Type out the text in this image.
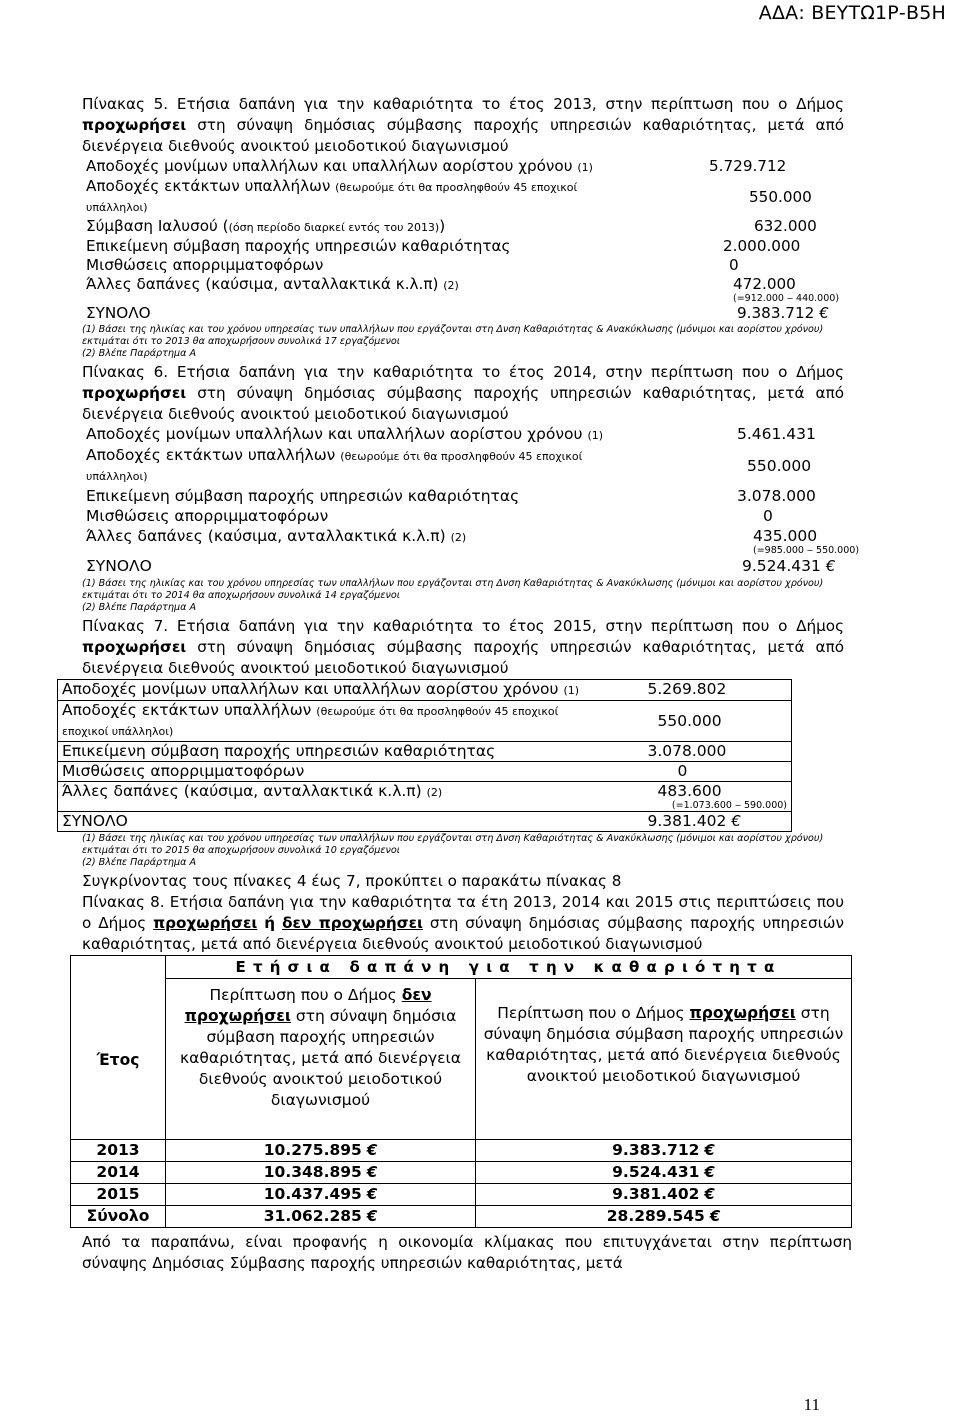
ΑΔΑ: ΒΕΥΤΩ1Ρ-Β5Η

Πίνακας 5. Ετήσια δαπάνη για την καθαριότητα το έτος 2013, στην περίπτωση που ο Δήμος προχωρήσει στη σύναψη δημόσιας σύμβασης παροχής υπηρεσιών καθαριότητας, μετά από διενέργεια διεθνούς ανοικτού μειοδοτικού διαγωνισμού

Αποδοχές μονίμων υπαλλήλων και υπαλλήλων αορίστου χρόνου (1)	5.729.712
Αποδοχές εκτάκτων υπαλλήλων (θεωρούμε ότι θα προσληφθούν 45 εποχικοί
υπάλληλοι)	550.000
Σύμβαση Ιαλυσού ((όση περίοδο διαρκεί εντός του 2013))	632.000
Επικείμενη σύμβαση παροχής υπηρεσιών καθαριότητας	2.000.000
Μισθώσεις απορριμματοφόρων	0
Άλλες δαπάνες (καύσιμα, ανταλλακτικά κ.λ.π) (2)	472.000
(=912.000 ‒ 440.000)

ΣΥΝΟΛΟ	9.383.712 €
(1) Βάσει της ηλικίας και του χρόνου υπηρεσίας των υπαλλήλων που εργάζονται στη Δνση Καθαριότητας & Ανακύκλωσης (μόνιμοι και αορίστου χρόνου) εκτιμάται ότι το 2013 θα αποχωρήσουν συνολικά 17 εργαζόμενοι
(2) Βλέπε Παράρτημα Α

Πίνακας 6. Ετήσια δαπάνη για την καθαριότητα το έτος 2014, στην περίπτωση που ο Δήμος προχωρήσει στη σύναψη δημόσιας σύμβασης παροχής υπηρεσιών καθαριότητας, μετά από διενέργεια διεθνούς ανοικτού μειοδοτικού διαγωνισμού

Αποδοχές μονίμων υπαλλήλων και υπαλλήλων αορίστου χρόνου (1)	5.461.431
Αποδοχές εκτάκτων υπαλλήλων (θεωρούμε ότι θα προσληφθούν 45 εποχικοί
υπάλληλοι)	550.000
Επικείμενη σύμβαση παροχής υπηρεσιών καθαριότητας	3.078.000
Μισθώσεις απορριμματοφόρων	0
Άλλες δαπάνες (καύσιμα, ανταλλακτικά κ.λ.π) (2)	435.000
(=985.000 ‒ 550.000)

ΣΥΝΟΛΟ	9.524.431 €
(1) Βάσει της ηλικίας και του χρόνου υπηρεσίας των υπαλλήλων που εργάζονται στη Δνση Καθαριότητας & Ανακύκλωσης (μόνιμοι και αορίστου χρόνου) εκτιμάται ότι το 2014 θα αποχωρήσουν συνολικά 14 εργαζόμενοι
(2) Βλέπε Παράρτημα Α

Πίνακας 7. Ετήσια δαπάνη για την καθαριότητα το έτος 2015, στην περίπτωση που ο Δήμος προχωρήσει στη σύναψη δημόσιας σύμβασης παροχής υπηρεσιών καθαριότητας, μετά από διενέργεια διεθνούς ανοικτού μειοδοτικού διαγωνισμού

Αποδοχές μονίμων υπαλλήλων και υπαλλήλων αορίστου χρόνου (1)	5.269.802
Αποδοχές εκτάκτων υπαλλήλων (θεωρούμε ότι θα προσληφθούν 45 εποχικοί
εποχικοί υπάλληλοι)	550.000
Επικείμενη σύμβαση παροχής υπηρεσιών καθαριότητας	3.078.000
Μισθώσεις απορριμματοφόρων	0
Άλλες δαπάνες (καύσιμα, ανταλλακτικά κ.λ.π) (2)	483.600
(=1.073.600 ‒ 590.000)

ΣΥΝΟΛΟ	9.381.402 €
(1) Βάσει της ηλικίας και του χρόνου υπηρεσίας των υπαλλήλων που εργάζονται στη Δνση Καθαριότητας & Ανακύκλωσης (μόνιμοι και αορίστου χρόνου) εκτιμάται ότι το 2015 θα αποχωρήσουν συνολικά 10 εργαζόμενοι
(2) Βλέπε Παράρτημα Α

Συγκρίνοντας τους πίνακες 4 έως 7, προκύπτει ο παρακάτω πίνακας 8

Πίνακας 8. Ετήσια δαπάνη για την καθαριότητα τα έτη 2013, 2014 και 2015 στις περιπτώσεις που ο Δήμος προχωρήσει ή δεν προχωρήσει στη σύναψη δημόσιας σύμβασης παροχής υπηρεσιών καθαριότητας, μετά από διενέργεια διεθνούς ανοικτού μειοδοτικού διαγωνισμού

Έτος	Ετήσια δαπάνη για την καθαριότητα	
	Περίπτωση που ο Δήμος δεν προχωρήσει στη σύναψη δημόσια σύμβαση παροχής υπηρεσιών καθαριότητας, μετά από διενέργεια διεθνούς ανοικτού μειοδοτικού διαγωνισμού	Περίπτωση που ο Δήμος προχωρήσει στη σύναψη δημόσια σύμβαση παροχής υπηρεσιών καθαριότητας, μετά από διενέργεια διεθνούς ανοικτού μειοδοτικού διαγωνισμού
2013	10.275.895 €	9.383.712 €
2014	10.348.895 €	9.524.431 €
2015	10.437.495 €	9.381.402 €
Σύνολο	31.062.285 €	28.289.545 €

Από τα παραπάνω, είναι προφανής η οικονομία κλίμακας που επιτυγχάνεται στην περίπτωση σύναψης Δημόσιας Σύμβασης παροχής υπηρεσιών καθαριότητας, μετά

11
